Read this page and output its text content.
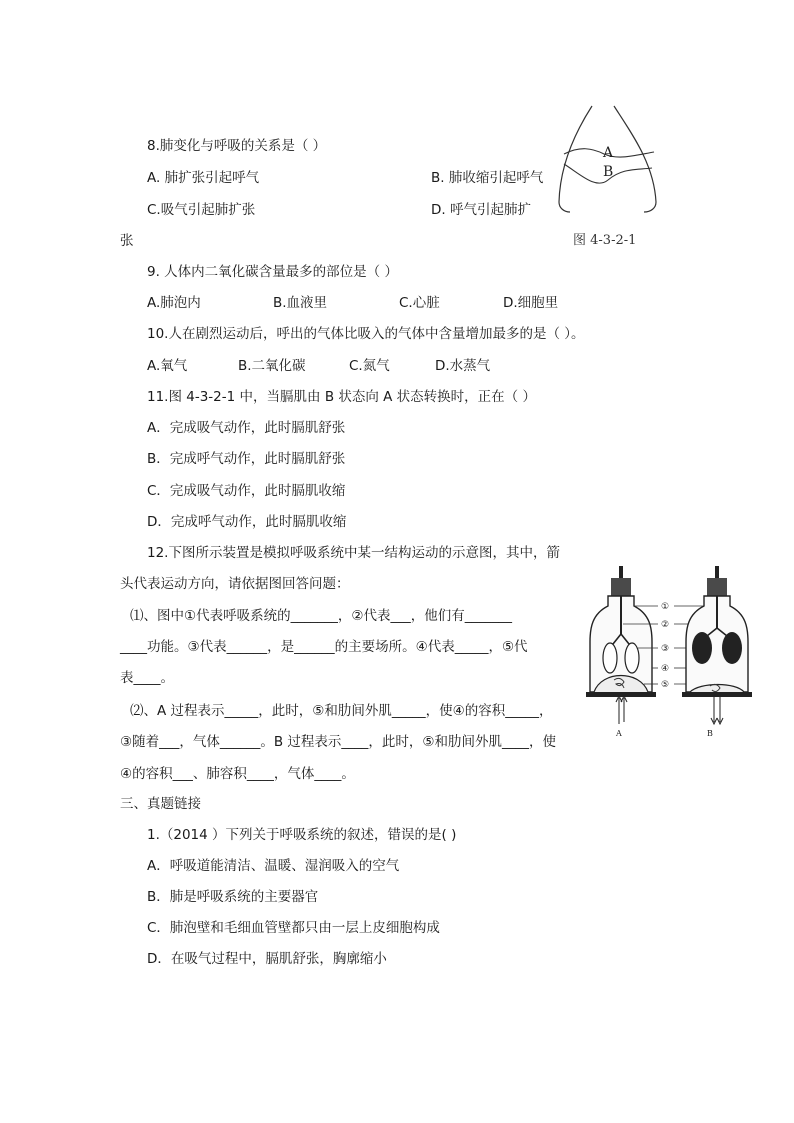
8.肺变化与呼吸的关系是（ ）
A. 肺扩张引起呼气	B. 肺收缩引起呼气
C.吸气引起肺扩张	D. 呼气引起肺扩
张
A
B
图 4-3-2-1
9. 人体内二氧化碳含量最多的部位是（ ）
A.肺泡内	B.血液里	C.心脏	D.细胞里
10.人在剧烈运动后，呼出的气体比吸入的气体中含量增加最多的是（ ）。
A.氧气	B.二氧化碳	C.氮气	D.水蒸气
11.图 4-3-2-1 中，当膈肌由 B 状态向 A 状态转换时，正在（ ）
A．完成吸气动作，此时膈肌舒张
B．完成呼气动作，此时膈肌舒张
C．完成吸气动作，此时膈肌收缩
D．完成呼气动作，此时膈肌收缩
12.下图所示装置是模拟呼吸系统中某一结构运动的示意图，其中，箭
头代表运动方向，请依据图回答问题：
⑴、图中①代表呼吸系统的_______，②代表___，他们有_______
____功能。③代表______，是______的主要场所。④代表_____，⑤代
表____。
⑵、A 过程表示_____，此时，⑤和肋间外肌_____，使④的容积_____，
③随着___，气体______。B 过程表示____，此时，⑤和肋间外肌____，使
④的容积___、肺容积____，气体____。
A
①
②
③
④
⑤
B
三、真题链接
1.（2014 ）下列关于呼吸系统的叙述，错误的是( )
A．呼吸道能清洁、温暖、湿润吸入的空气
B．肺是呼吸系统的主要器官
C．肺泡壁和毛细血管壁都只由一层上皮细胞构成
D．在吸气过程中，膈肌舒张，胸廓缩小
